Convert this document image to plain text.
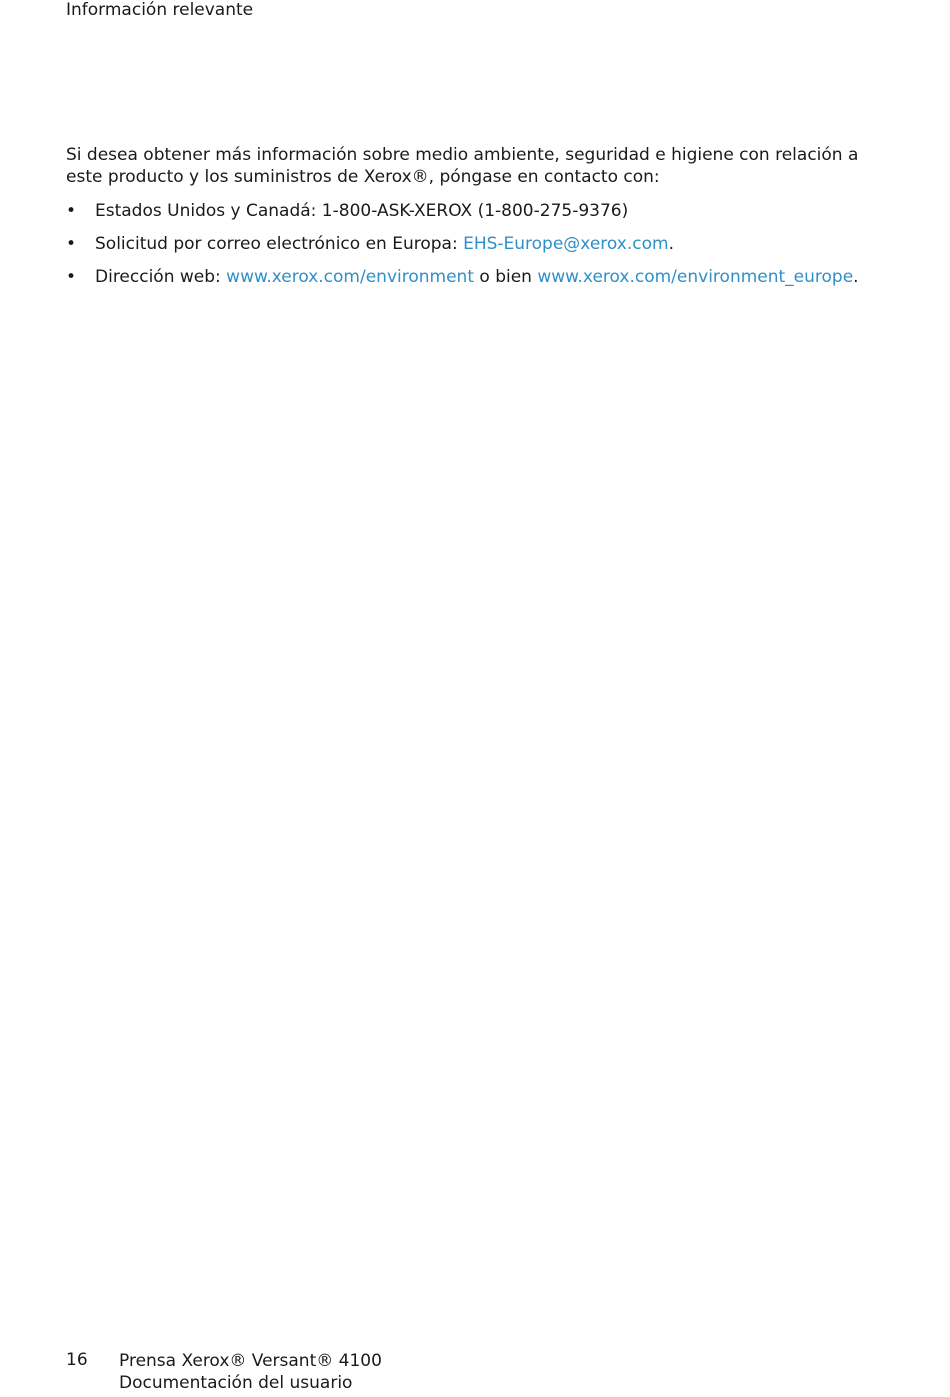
Información relevante

Si desea obtener más información sobre medio ambiente, seguridad e higiene con relación a este producto y los suministros de Xerox®, póngase en contacto con:

• Estados Unidos y Canadá: 1-800-ASK-XEROX (1-800-275-9376)
• Solicitud por correo electrónico en Europa: EHS-Europe@xerox.com.
• Dirección web: www.xerox.com/environment o bien www.xerox.com/environment_europe.
16 Prensa Xerox® Versant® 4100
Documentación del usuario
